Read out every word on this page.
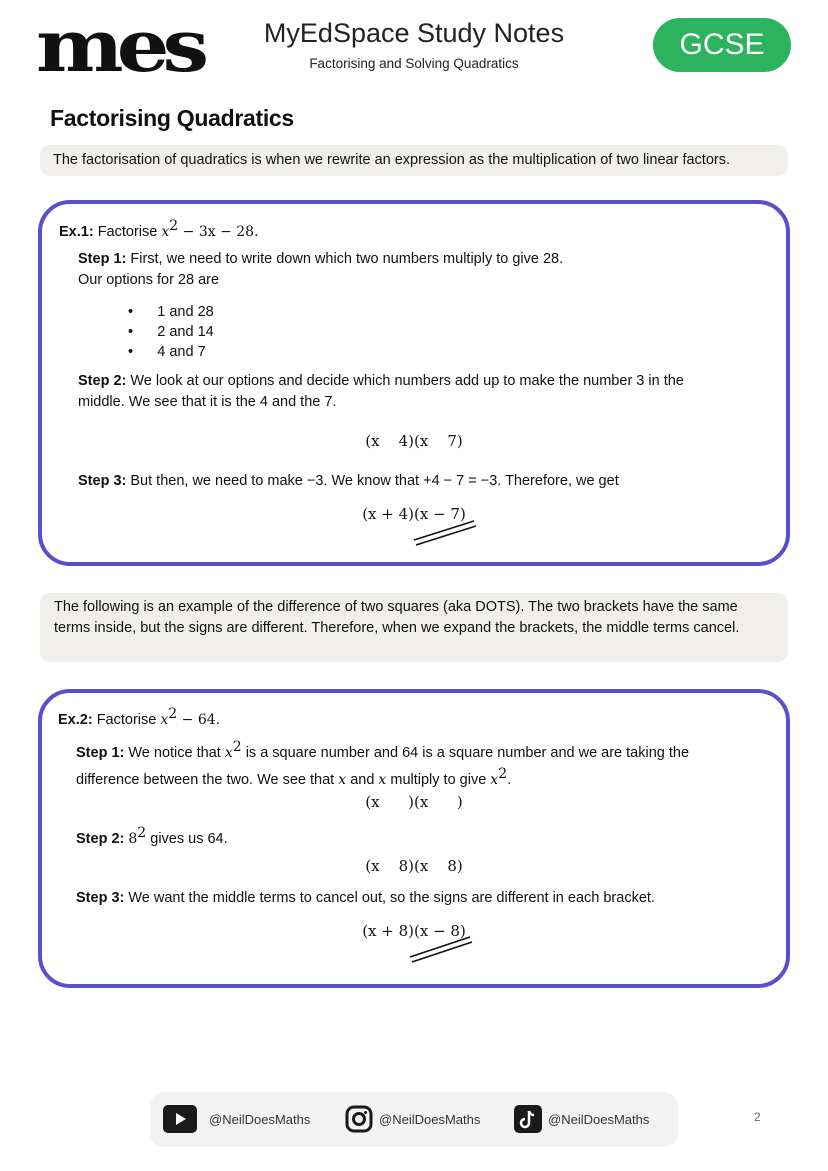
mes	MyEdSpace Study Notes
Factorising and Solving Quadratics
GCSE
Factorising Quadratics
The factorisation of quadratics is when we rewrite an expression as the multiplication of two linear factors.
Ex.1: Factorise $x^2 - 3x - 28$.
Step 1: First, we need to write down which two numbers multiply to give 28.
Our options for 28 are
•      1 and 28
•      2 and 14
•      4 and 7
Step 2: We look at our options and decide which numbers add up to make the number 3 in the
middle. We see that it is the 4 and the 7.
(x    4)(x    7)
Step 3: But then, we need to make −3. We know that +4 − 7 = −3. Therefore, we get
(x + 4)(x − 7)
The following is an example of the difference of two squares (aka DOTS). The two brackets have the same terms inside, but the signs are different. Therefore, when we expand the brackets, the middle terms cancel.
Ex.2: Factorise $x^2 - 64$.
Step 1: We notice that $x^2$ is a square number and 64 is a square number and we are taking the
difference between the two. We see that x and x multiply to give $x^2$.
(x      )(x      )
Step 2: $8^2$ gives us 64.
(x    8)(x    8)
Step 3: We want the middle terms to cancel out, so the signs are different in each bracket.
(x + 8)(x − 8)
@NeilDoesMaths	@NeilDoesMaths	@NeilDoesMaths	2
